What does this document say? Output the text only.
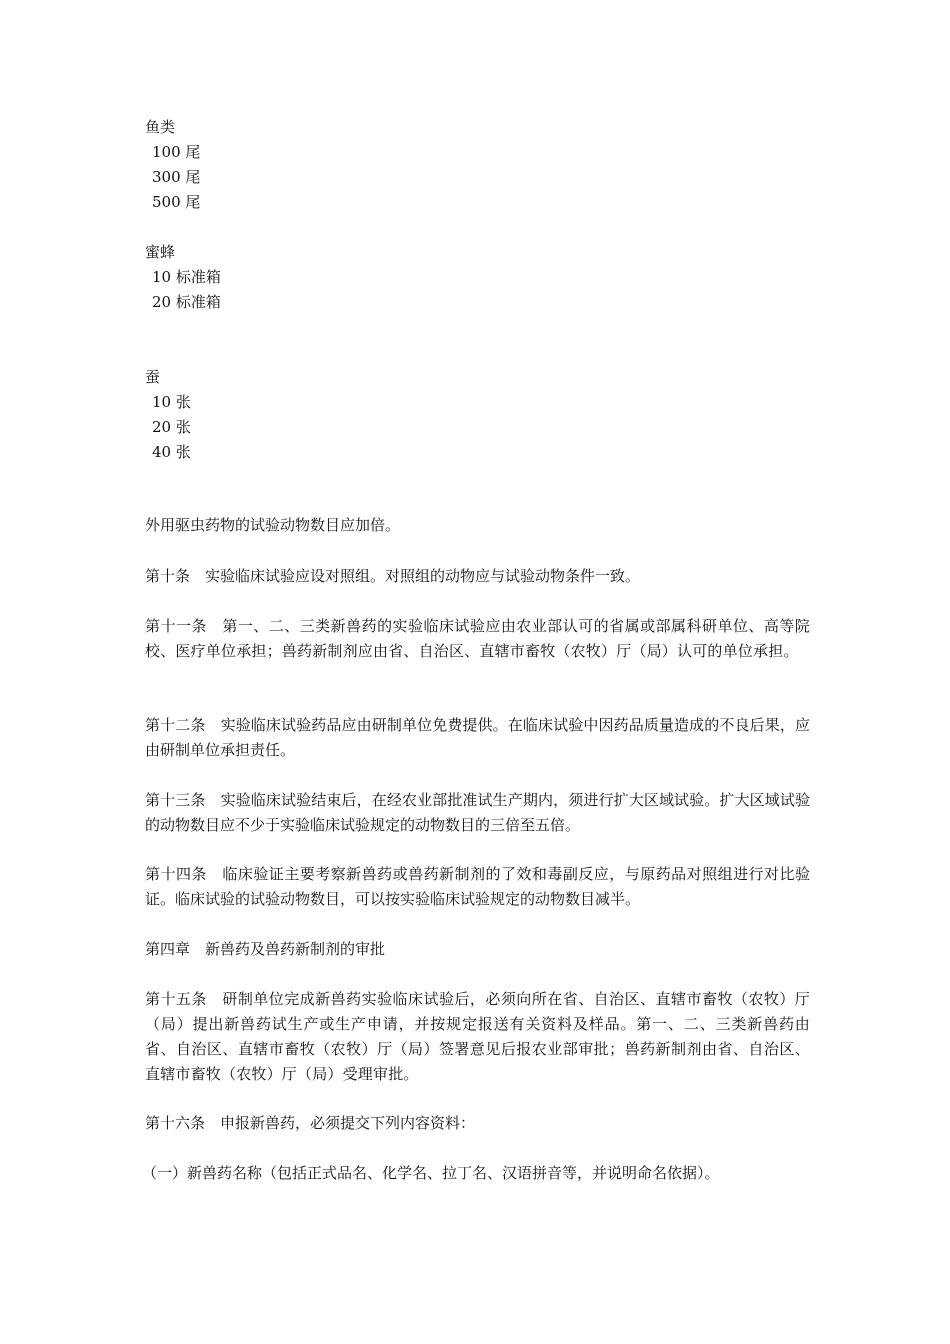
鱼类
100 尾
300 尾
500 尾
蜜蜂
10 标准箱
20 标准箱
蚕
10 张
20 张
40 张
外用驱虫药物的试验动物数目应加倍。
第十条　实验临床试验应设对照组。对照组的动物应与试验动物条件一致。
第十一条　第一、二、三类新兽药的实验临床试验应由农业部认可的省属或部属科研单位、高等院校、医疗单位承担；兽药新制剂应由省、自治区、直辖市畜牧（农牧）厅（局）认可的单位承担。
第十二条　实验临床试验药品应由研制单位免费提供。在临床试验中因药品质量造成的不良后果，应由研制单位承担责任。
第十三条　实验临床试验结束后，在经农业部批准试生产期内，须进行扩大区域试验。扩大区域试验的动物数目应不少于实验临床试验规定的动物数目的三倍至五倍。
第十四条　临床验证主要考察新兽药或兽药新制剂的了效和毒副反应，与原药品对照组进行对比验证。临床试验的试验动物数目，可以按实验临床试验规定的动物数目减半。
第四章　新兽药及兽药新制剂的审批
第十五条　研制单位完成新兽药实验临床试验后，必须向所在省、自治区、直辖市畜牧（农牧）厅（局）提出新兽药试生产或生产申请，并按规定报送有关资料及样品。第一、二、三类新兽药由省、自治区、直辖市畜牧（农牧）厅（局）签署意见后报农业部审批；兽药新制剂由省、自治区、直辖市畜牧（农牧）厅（局）受理审批。
第十六条　申报新兽药，必须提交下列内容资料：
（一）新兽药名称（包括正式品名、化学名、拉丁名、汉语拼音等，并说明命名依据）。
